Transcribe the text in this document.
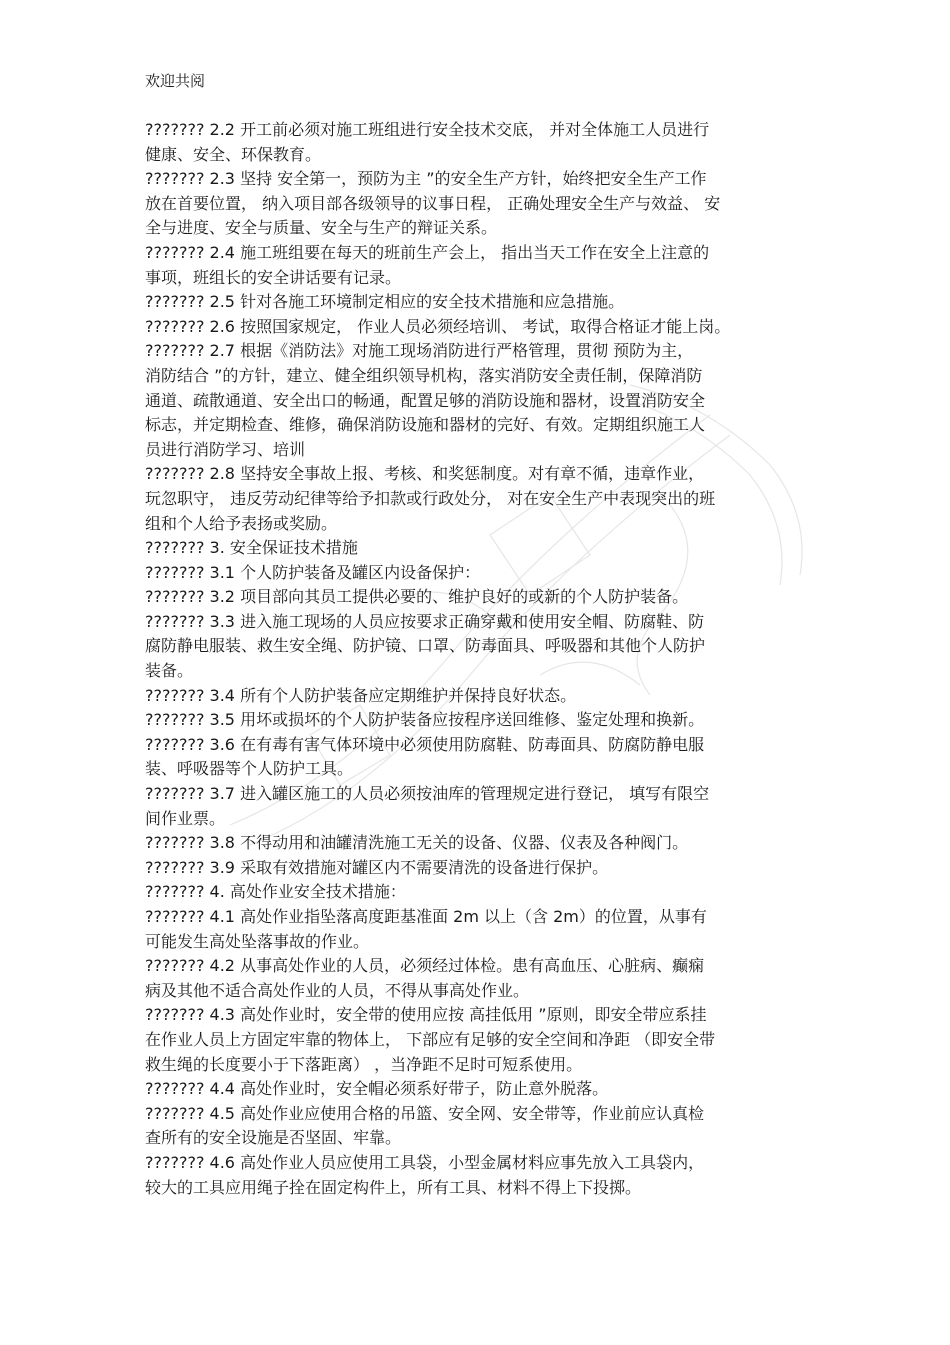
欢迎共阅

??????? 2.2 开工前必须对施工班组进行安全技术交底， 并对全体施工人员进行
健康、安全、环保教育。

??????? 2.3 坚持 安全第一，预防为主 ”的安全生产方针，始终把安全生产工作
放在首要位置， 纳入项目部各级领导的议事日程， 正确处理安全生产与效益、 安
全与进度、安全与质量、安全与生产的辩证关系。

??????? 2.4 施工班组要在每天的班前生产会上， 指出当天工作在安全上注意的
事项，班组长的安全讲话要有记录。

??????? 2.5 针对各施工环境制定相应的安全技术措施和应急措施。

??????? 2.6 按照国家规定， 作业人员必须经培训、 考试，取得合格证才能上岗。

??????? 2.7 根据《消防法》对施工现场消防进行严格管理，贯彻 预防为主，
消防结合 ”的方针，建立、健全组织领导机构，落实消防安全责任制，保障消防
通道、疏散通道、安全出口的畅通，配置足够的消防设施和器材，设置消防安全
标志，并定期检查、维修，确保消防设施和器材的完好、有效。定期组织施工人
员进行消防学习、培训

??????? 2.8 坚持安全事故上报、考核、和奖惩制度。对有章不循，违章作业，
玩忽职守， 违反劳动纪律等给予扣款或行政处分， 对在安全生产中表现突出的班
组和个人给予表扬或奖励。

??????? 3. 安全保证技术措施

??????? 3.1 个人防护装备及罐区内设备保护：

??????? 3.2 项目部向其员工提供必要的、维护良好的或新的个人防护装备。

??????? 3.3 进入施工现场的人员应按要求正确穿戴和使用安全帽、防腐鞋、防
腐防静电服装、救生安全绳、防护镜、口罩、防毒面具、呼吸器和其他个人防护
装备。

??????? 3.4 所有个人防护装备应定期维护并保持良好状态。

??????? 3.5 用坏或损坏的个人防护装备应按程序送回维修、鉴定处理和换新。

??????? 3.6 在有毒有害气体环境中必须使用防腐鞋、防毒面具、防腐防静电服
装、呼吸器等个人防护工具。

??????? 3.7 进入罐区施工的人员必须按油库的管理规定进行登记， 填写有限空
间作业票。

??????? 3.8 不得动用和油罐清洗施工无关的设备、仪器、仪表及各种阀门。

??????? 3.9 采取有效措施对罐区内不需要清洗的设备进行保护。

??????? 4. 高处作业安全技术措施：

??????? 4.1 高处作业指坠落高度距基准面 2m 以上（含 2m）的位置，从事有
可能发生高处坠落事故的作业。

??????? 4.2 从事高处作业的人员，必须经过体检。患有高血压、心脏病、癫痫
病及其他不适合高处作业的人员，不得从事高处作业。

??????? 4.3 高处作业时，安全带的使用应按 高挂低用 ”原则，即安全带应系挂
在作业人员上方固定牢靠的物体上， 下部应有足够的安全空间和净距 （即安全带
救生绳的长度要小于下落距离） ，当净距不足时可短系使用。

??????? 4.4 高处作业时，安全帽必须系好带子，防止意外脱落。

??????? 4.5 高处作业应使用合格的吊篮、安全网、安全带等，作业前应认真检
查所有的安全设施是否坚固、牢靠。

??????? 4.6 高处作业人员应使用工具袋，小型金属材料应事先放入工具袋内，
较大的工具应用绳子拴在固定构件上，所有工具、材料不得上下投掷。
